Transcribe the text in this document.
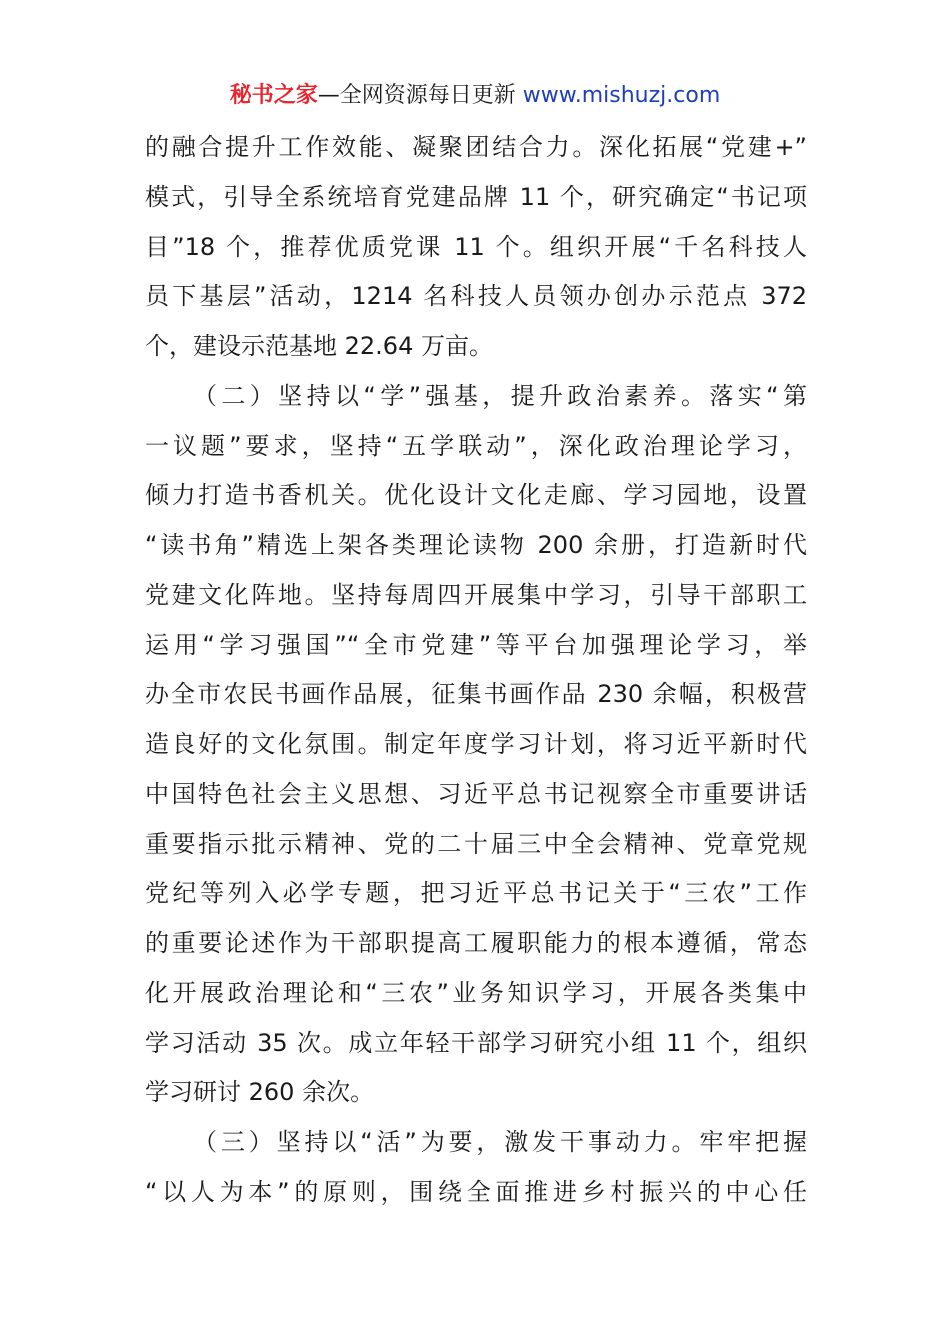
秘书之家—全网资源每日更新 www.mishuzj.com
的融合提升工作效能、凝聚团结合力。深化拓展“党建+”
模式，引导全系统培育党建品牌 11 个，研究确定“书记项
目”18 个，推荐优质党课 11 个。组织开展“千名科技人
员下基层”活动，1214 名科技人员领办创办示范点 372
个，建设示范基地 22.64 万亩。
（二）坚持以“学”强基，提升政治素养。落实“第
一议题”要求，坚持“五学联动”，深化政治理论学习，
倾力打造书香机关。优化设计文化走廊、学习园地，设置
“读书角”精选上架各类理论读物 200 余册，打造新时代
党建文化阵地。坚持每周四开展集中学习，引导干部职工
运用“学习强国”“全市党建”等平台加强理论学习，举
办全市农民书画作品展，征集书画作品 230 余幅，积极营
造良好的文化氛围。制定年度学习计划，将习近平新时代
中国特色社会主义思想、习近平总书记视察全市重要讲话
重要指示批示精神、党的二十届三中全会精神、党章党规
党纪等列入必学专题，把习近平总书记关于“三农”工作
的重要论述作为干部职提高工履职能力的根本遵循，常态
化开展政治理论和“三农”业务知识学习，开展各类集中
学习活动 35 次。成立年轻干部学习研究小组 11 个，组织
学习研讨 260 余次。
（三）坚持以“活”为要，激发干事动力。牢牢把握
“以人为本”的原则，围绕全面推进乡村振兴的中心任
